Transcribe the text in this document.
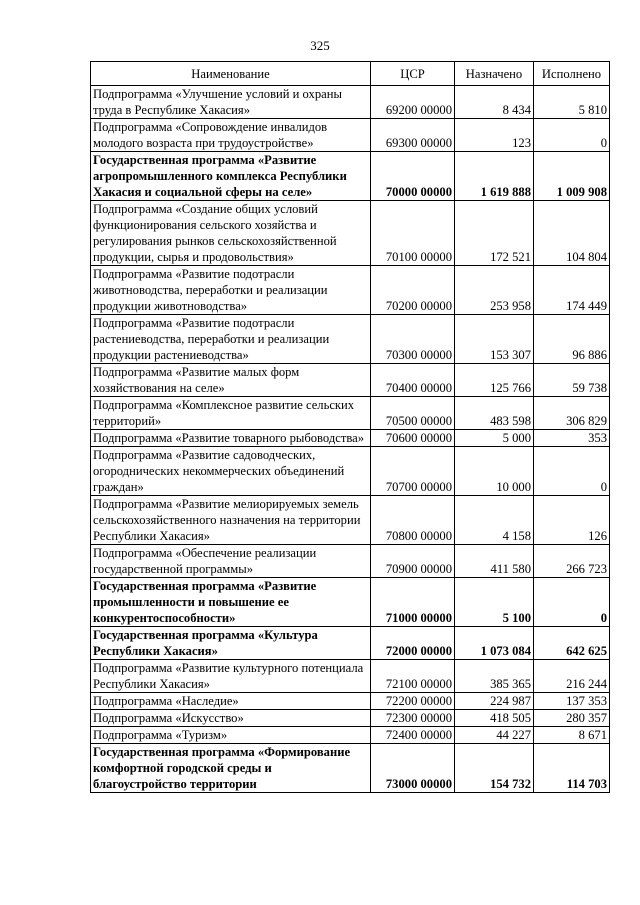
325
Наименование	ЦСР	Назначено	Исполнено
Подпрограмма «Улучшение условий и охраны труда в Республике Хакасия»	69200 00000	8 434	5 810
Подпрограмма «Сопровождение инвалидов молодого возраста при трудоустройстве»	69300 00000	123	0
Государственная программа «Развитие агропромышленного комплекса Республики Хакасия и социальной сферы на селе»	70000 00000	1 619 888	1 009 908
Подпрограмма «Создание общих условий функционирования сельского хозяйства и регулирования рынков сельскохозяйственной продукции, сырья и продовольствия»	70100 00000	172 521	104 804
Подпрограмма «Развитие подотрасли животноводства, переработки и реализации продукции животноводства»	70200 00000	253 958	174 449
Подпрограмма «Развитие подотрасли растениеводства, переработки и реализации продукции растениеводства»	70300 00000	153 307	96 886
Подпрограмма «Развитие малых форм хозяйствования на селе»	70400 00000	125 766	59 738
Подпрограмма «Комплексное развитие сельских территорий»	70500 00000	483 598	306 829
Подпрограмма «Развитие товарного рыбоводства»	70600 00000	5 000	353
Подпрограмма «Развитие садоводческих, огороднических некоммерческих объединений граждан»	70700 00000	10 000	0
Подпрограмма «Развитие мелиорируемых земель сельскохозяйственного назначения на территории Республики Хакасия»	70800 00000	4 158	126
Подпрограмма «Обеспечение реализации государственной программы»	70900 00000	411 580	266 723
Государственная программа «Развитие промышленности и повышение ее конкурентоспособности»	71000 00000	5 100	0
Государственная программа «Культура Республики Хакасия»	72000 00000	1 073 084	642 625
Подпрограмма «Развитие культурного потенциала Республики Хакасия»	72100 00000	385 365	216 244
Подпрограмма «Наследие»	72200 00000	224 987	137 353
Подпрограмма «Искусство»	72300 00000	418 505	280 357
Подпрограмма «Туризм»	72400 00000	44 227	8 671
Государственная программа «Формирование комфортной городской среды и благоустройство территории	73000 00000	154 732	114 703
